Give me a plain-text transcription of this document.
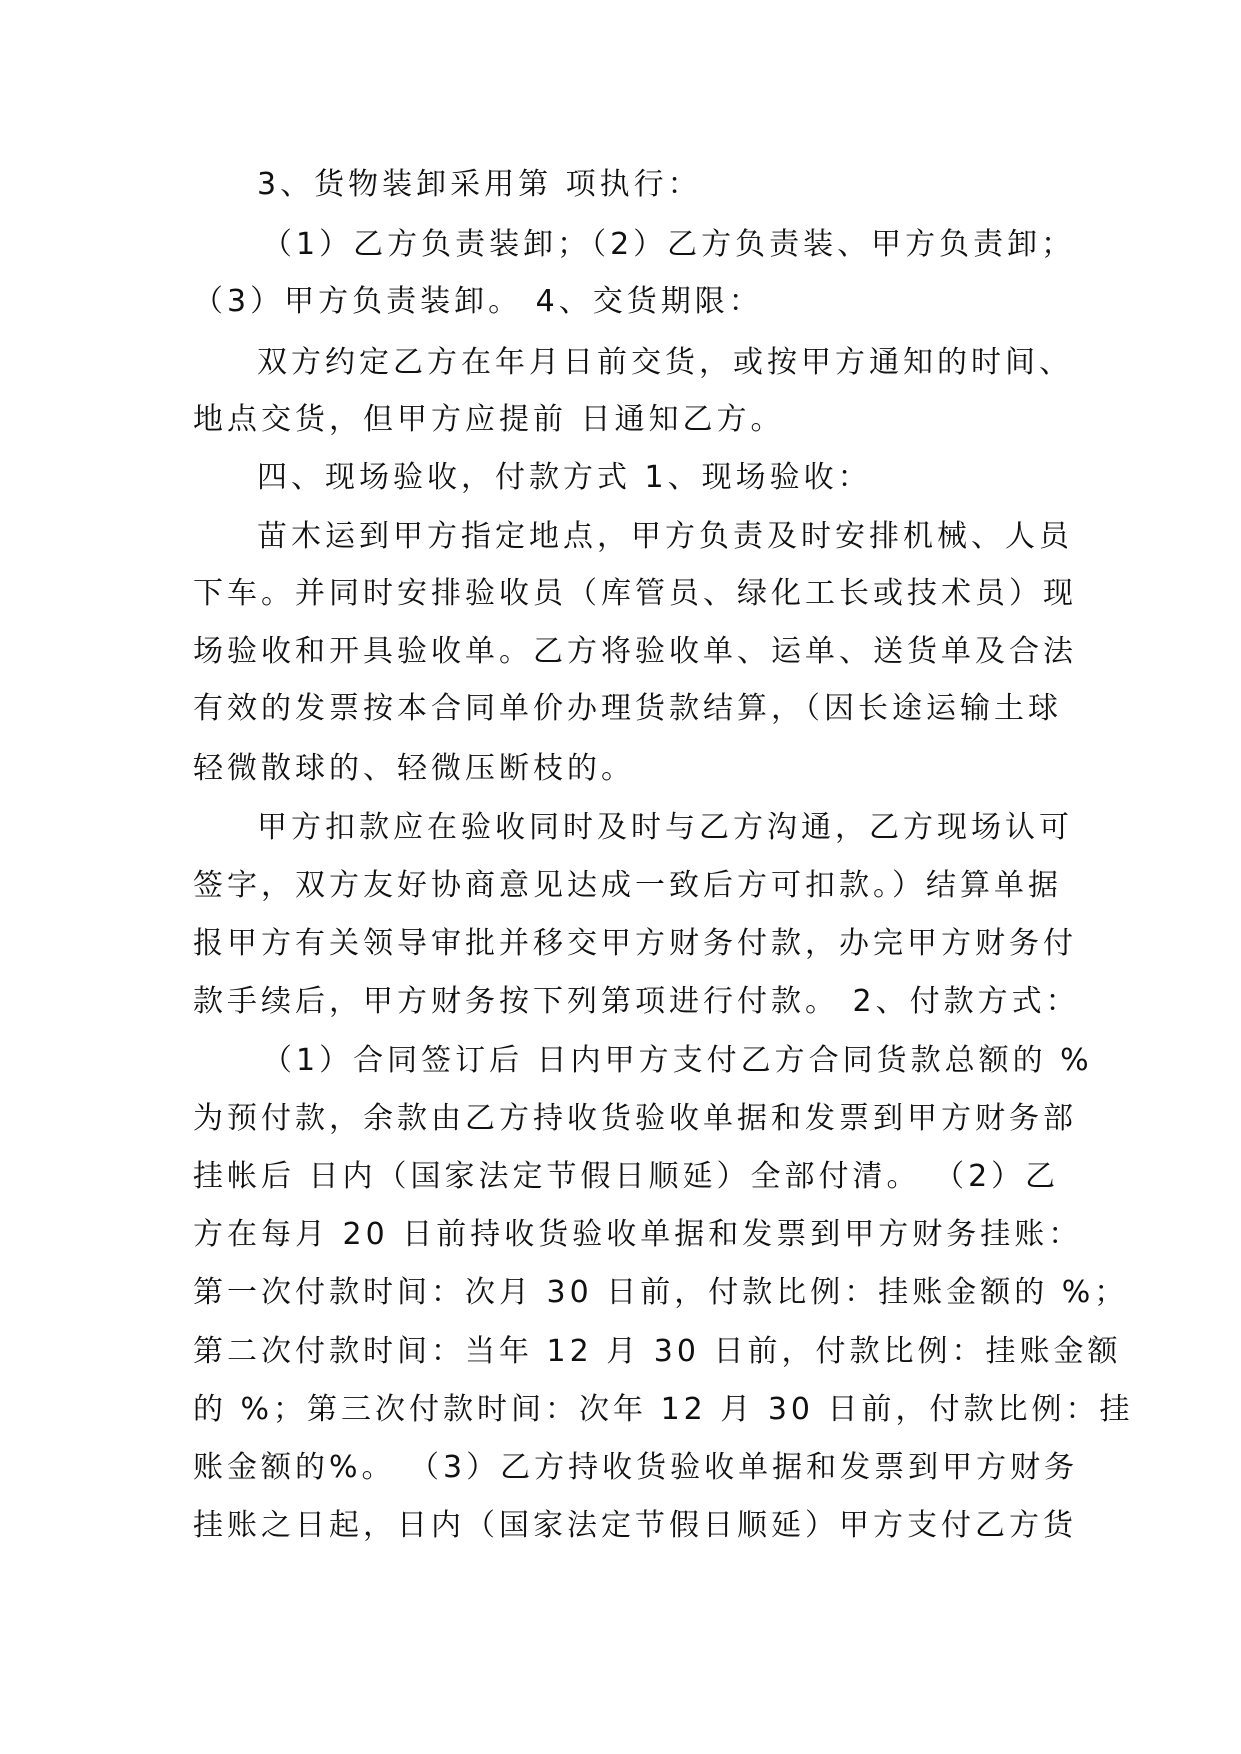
3、货物装卸采用第 项执行：
（1）乙方负责装卸；（2）乙方负责装、甲方负责卸；
（3）甲方负责装卸。 4、交货期限：
双方约定乙方在年月日前交货，或按甲方通知的时间、
地点交货，但甲方应提前 日通知乙方。
四、现场验收，付款方式 1、现场验收：
苗木运到甲方指定地点，甲方负责及时安排机械、人员
下车。并同时安排验收员（库管员、绿化工长或技术员）现
场验收和开具验收单。乙方将验收单、运单、送货单及合法
有效的发票按本合同单价办理货款结算，（因长途运输土球
轻微散球的、轻微压断枝的。
甲方扣款应在验收同时及时与乙方沟通，乙方现场认可
签字，双方友好协商意见达成一致后方可扣款。）结算单据
报甲方有关领导审批并移交甲方财务付款，办完甲方财务付
款手续后，甲方财务按下列第项进行付款。 2、付款方式：
（1）合同签订后 日内甲方支付乙方合同货款总额的 %
为预付款，余款由乙方持收货验收单据和发票到甲方财务部
挂帐后 日内（国家法定节假日顺延）全部付清。 （2）乙
方在每月 20 日前持收货验收单据和发票到甲方财务挂账：
第一次付款时间：次月 30 日前，付款比例：挂账金额的 %；
第二次付款时间：当年 12 月 30 日前，付款比例：挂账金额
的 %；第三次付款时间：次年 12 月 30 日前，付款比例：挂
账金额的%。 （3）乙方持收货验收单据和发票到甲方财务
挂账之日起，日内（国家法定节假日顺延）甲方支付乙方货
